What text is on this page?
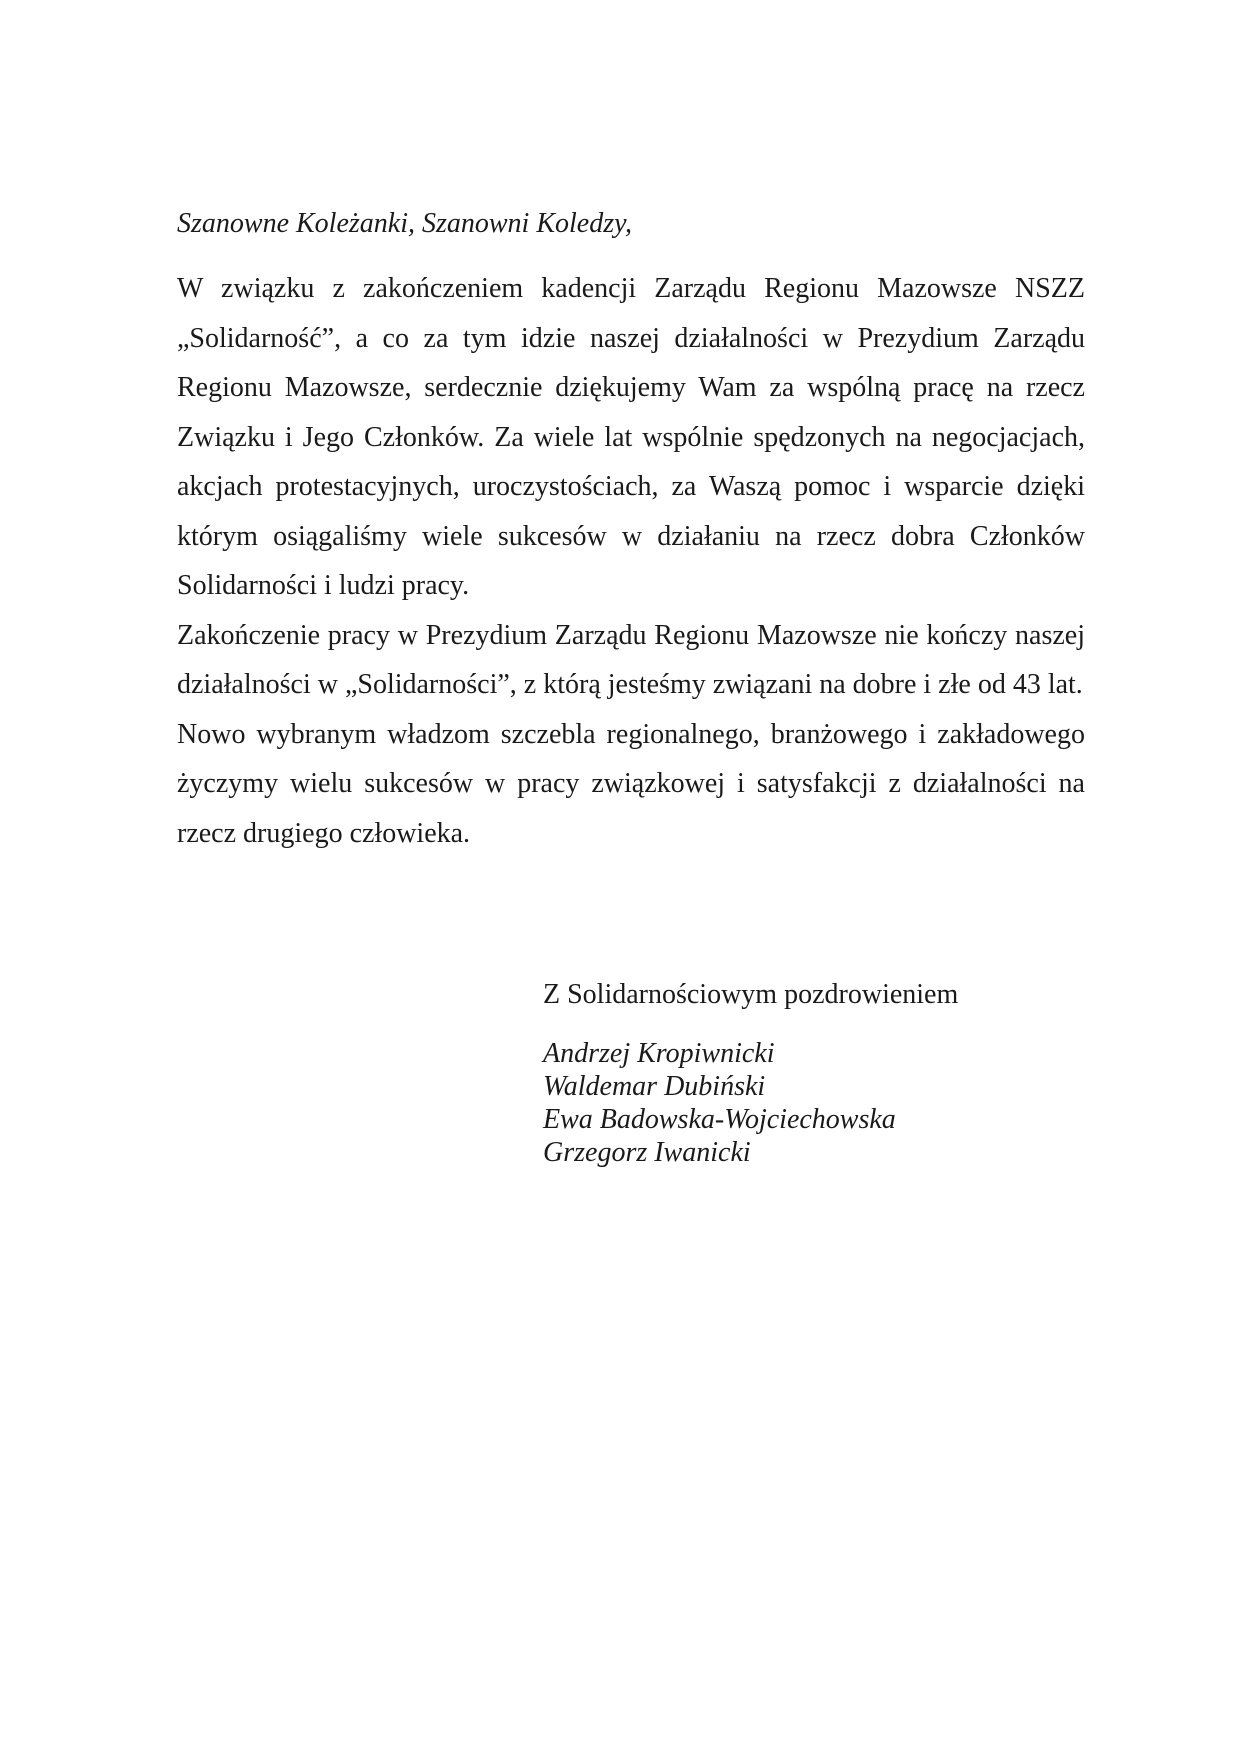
Szanowne Koleżanki, Szanowni Koledzy,

W związku z zakończeniem kadencji Zarządu Regionu Mazowsze NSZZ „Solidarność”, a co za tym idzie naszej działalności w Prezydium Zarządu Regionu Mazowsze, serdecznie dziękujemy Wam za wspólną pracę na rzecz Związku i Jego Członków. Za wiele lat wspólnie spędzonych na negocjacjach, akcjach protestacyjnych, uroczystościach, za Waszą pomoc i wsparcie dzięki którym osiągaliśmy wiele sukcesów w działaniu na rzecz dobra Członków Solidarności i ludzi pracy.

Zakończenie pracy w Prezydium Zarządu Regionu Mazowsze nie kończy naszej działalności w „Solidarności”, z którą jesteśmy związani na dobre i złe od 43 lat.

Nowo wybranym władzom szczebla regionalnego, branżowego i zakładowego życzymy wielu sukcesów w pracy związkowej i satysfakcji z działalności na rzecz drugiego człowieka.

Z Solidarnościowym pozdrowieniem
Andrzej Kropiwnicki
Waldemar Dubiński
Ewa Badowska-Wojciechowska
Grzegorz Iwanicki
